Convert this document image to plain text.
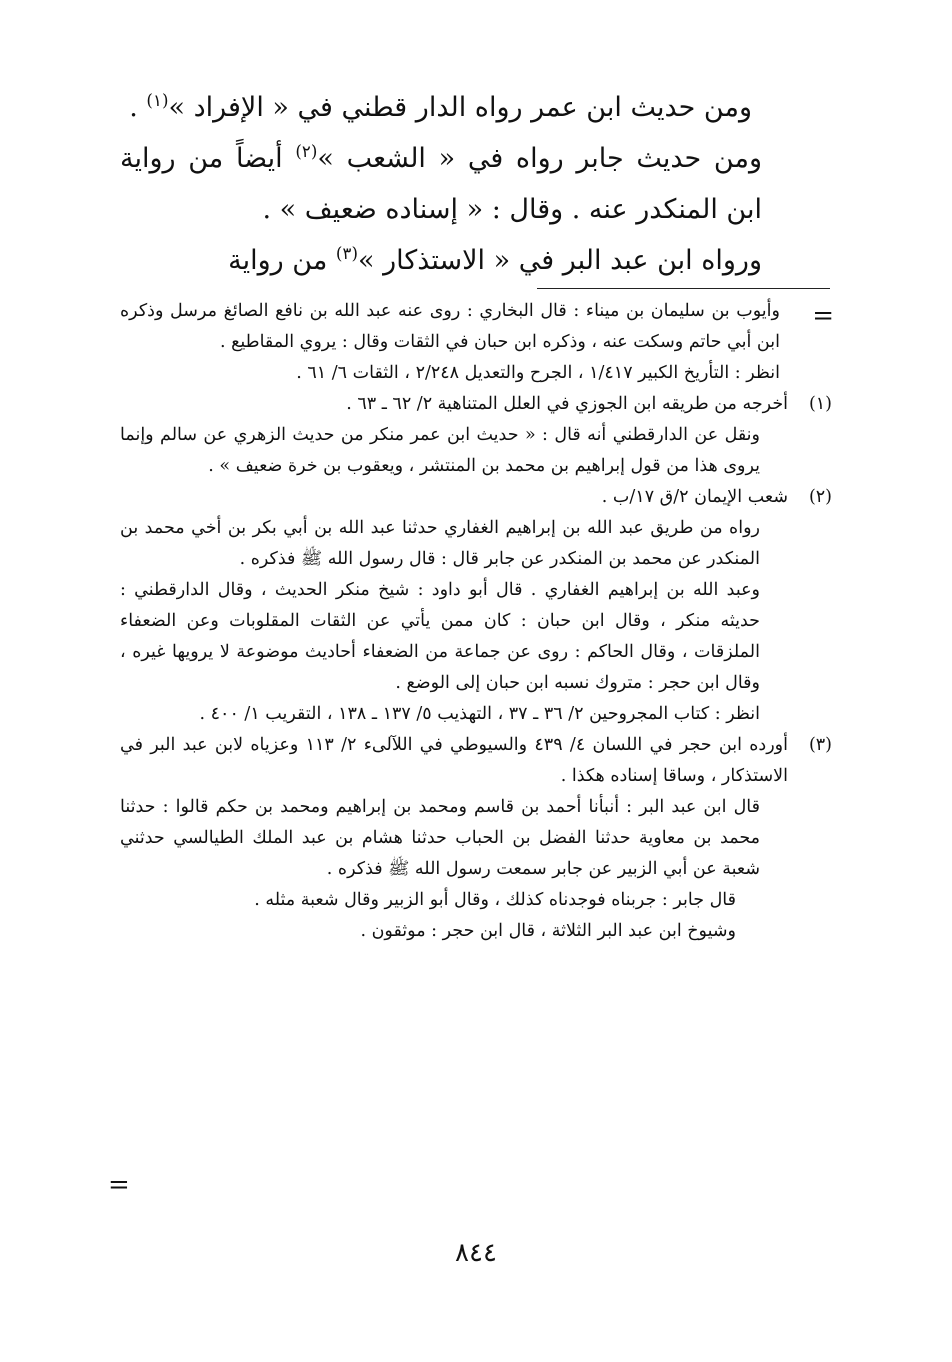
ومن حديث ابن عمر رواه الدار قطني في « الإفراد »$^{(١)}$ .

ومن حديث جابر رواه في « الشعب »$^{(٢)}$ أيضاً من رواية ابن المنكدر عنه . وقال : « إسناده ضعيف » .

ورواه ابن عبد البر في « الاستذكار »$^{(٣)}$ من رواية

=

وأيوب بن سليمان بن ميناء : قال البخاري : روى عنه عبد الله بن نافع الصائغ مرسل وذكره ابن أبي حاتم وسكت عنه ، وذكره ابن حبان في الثقات وقال : يروي المقاطيع .

انظر : التأريخ الكبير ١/٤١٧ ، الجرح والتعديل ٢/٢٤٨ ، الثقات ٦/ ٦١ .

(١)

أخرجه من طريقه ابن الجوزي في العلل المتناهية ٢/ ٦٢ ـ ٦٣ .

ونقل عن الدارقطني أنه قال : « حديث ابن عمر منكر من حديث الزهري عن سالم وإنما يروى هذا من قول إبراهيم بن محمد بن المنتشر ، ويعقوب بن خرة ضعيف » .

(٢)

شعب الإيمان ٢/ق ١٧/ب .

رواه من طريق عبد الله بن إبراهيم الغفاري حدثنا عبد الله بن أبي بكر بن أخي محمد بن المنكدر عن محمد بن المنكدر عن جابر قال : قال رسول الله ﷺ فذكره .

وعبد الله بن إبراهيم الغفاري . قال أبو داود : شيخ منكر الحديث ، وقال الدارقطني : حديثه منكر ، وقال ابن حبان : كان ممن يأتي عن الثقات المقلوبات وعن الضعفاء الملزقات ، وقال الحاكم : روى عن جماعة من الضعفاء أحاديث موضوعة لا يرويها غيره ، وقال ابن حجر : متروك نسبه ابن حبان إلى الوضع .

انظر : كتاب المجروحين ٢/ ٣٦ ـ ٣٧ ، التهذيب ٥/ ١٣٧ ـ ١٣٨ ، التقريب ١/ ٤٠٠ .

(٣)

أورده ابن حجر في اللسان ٤/ ٤٣٩ والسيوطي في اللآلىء ٢/ ١١٣ وعزياه لابن عبد البر في الاستذكار ، وساقا إسناده هكذا .

قال ابن عبد البر : أنبأنا أحمد بن قاسم ومحمد بن إبراهيم ومحمد بن حكم قالوا : حدثنا محمد بن معاوية حدثنا الفضل بن الحباب حدثنا هشام بن عبد الملك الطيالسي حدثني شعبة عن أبي الزبير عن جابر سمعت رسول الله ﷺ فذكره .

قال جابر : جربناه فوجدناه كذلك ، وقال أبو الزبير وقال شعبة مثله .

وشيوخ ابن عبد البر الثلاثة ، قال ابن حجر : موثقون .

=
٨٤٤
